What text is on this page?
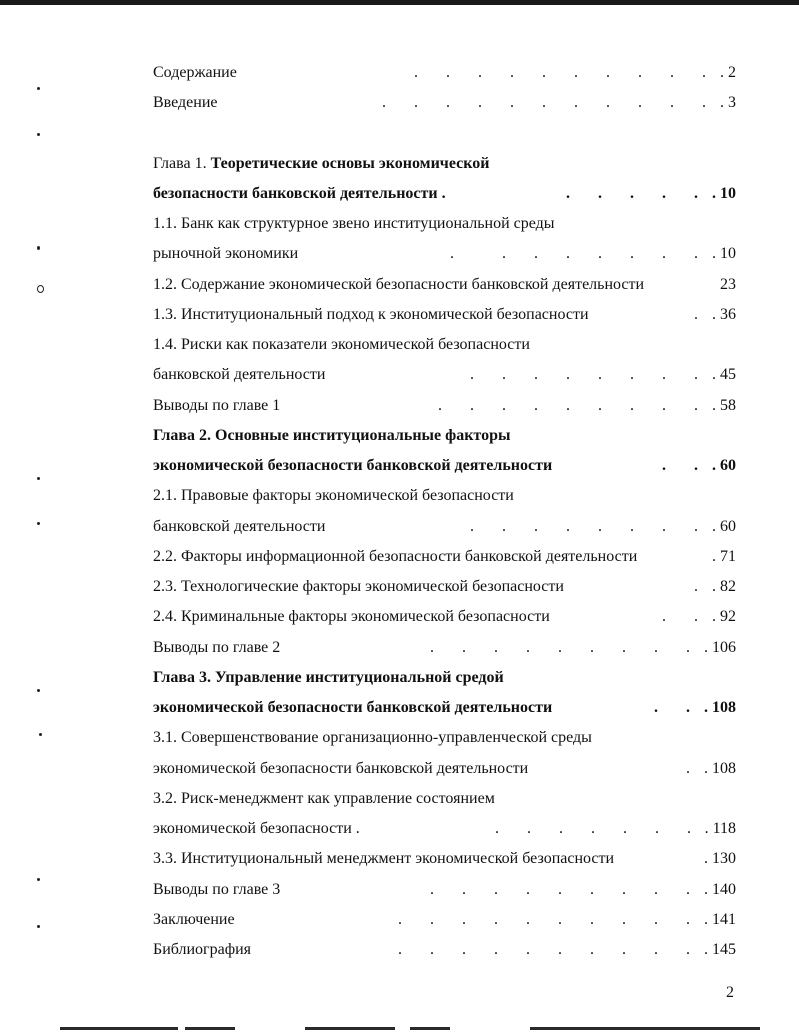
Содержание	.       .       .       .       .       .       .       .       .       . . 2
Введение	.       .       .       .       .       .       .       .       .       .       . . 3
Глава 1. Теоретические основы экономической
безопасности банковской деятельности .	.       .       .       .       . . 10
1.1. Банк как структурное звено институциональной среды
рыночной экономики	.            .       .       .       .       .       .       . . 10
1.2. Содержание экономической безопасности банковской деятельности	23
1.3. Институциональный подход к экономической безопасности	. . 36
1.4. Риски как показатели экономической безопасности
банковской деятельности	.       .       .       .       .       .       .       . . 45
Выводы по главе 1	.       .       .       .       .       .       .       .       . . 58
Глава 2. Основные институциональные факторы
экономической безопасности банковской деятельности	.       . . 60
2.1. Правовые факторы экономической безопасности
банковской деятельности	.       .       .       .       .       .       .       . . 60
2.2. Факторы информационной безопасности банковской деятельности	. 71
2.3. Технологические факторы экономической безопасности	. . 82
2.4. Криминальные факторы экономической безопасности	.       . . 92
Выводы по главе 2	.       .       .       .       .       .       .       .       . . 106
Глава 3. Управление институциональной средой
экономической безопасности банковской деятельности	.       . . 108
3.1. Совершенствование организационно-управленческой среды
экономической безопасности банковской деятельности	. . 108
3.2. Риск-менеджмент как управление состоянием
экономической безопасности .	.       .       .       .       .       .       . . 118
3.3. Институциональный менеджмент экономической безопасности	. 130
Выводы по главе 3	.       .       .       .       .       .       .       .       . . 140
Заключение	.       .       .       .       .       .       .       .       .       . . 141
Библиография	.       .       .       .       .       .       .       .       .       . . 145
2
